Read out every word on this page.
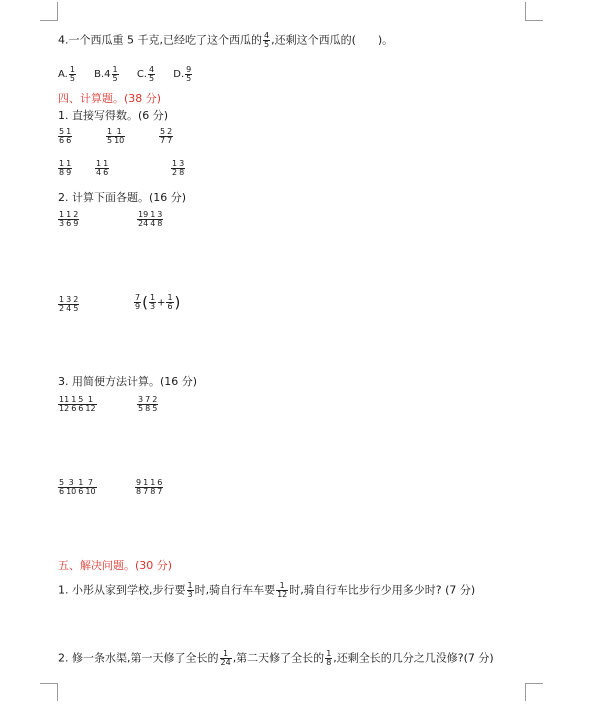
4.一个西瓜重 5 千克,已经吃了这个西瓜的 $\frac{4}{5}$ ,还剩这个西瓜的( )。
A. $\frac{1}{5}$
B. $4 \frac{1}{5}$
C. $\frac{4}{5}$
D. $\frac{9}{5}$
四、计算题。(38 分)
1. 直接写得数。(6 分)
$\frac{5}{6} \frac{1}{6}$	$\frac{1}{5} \frac{1}{10}$	$\frac{5}{7} \frac{2}{7}$
$\frac{1}{8} \frac{1}{9}$	$\frac{1}{4} \frac{1}{6}$	$\frac{1}{2} \frac{3}{8}$
2. 计算下面各题。(16 分)
$\frac{1}{3} \frac{1}{6} \frac{2}{9}$	$\frac{19}{24} \frac{1}{4} \frac{3}{8}$
$\frac{1}{2} \frac{3}{4} \frac{2}{5}$	$\frac{7}{9}$ ( $\frac{1}{3} + \frac{1}{6}$ )
3. 用简便方法计算。(16 分)
$\frac{11}{12} \frac{1}{6} \frac{5}{6} \frac{1}{12}$	$\frac{3}{5} \frac{7}{8} \frac{2}{5}$
$\frac{5}{6} \frac{3}{10} \frac{1}{6} \frac{7}{10}$	$\frac{9}{8} \frac{1}{7} \frac{1}{8} \frac{6}{7}$
五、解决问题。(30 分)
1. 小彤从家到学校,步行要 $\frac{1}{3}$ 时,骑自行车车要 $\frac{1}{12}$ 时,骑自行车比步行少用多少时? (7 分)
2. 修一条水渠,第一天修了全长的 $\frac{1}{24}$ ,第二天修了全长的 $\frac{1}{8}$ ,还剩全长的几分之几没修?(7 分)
